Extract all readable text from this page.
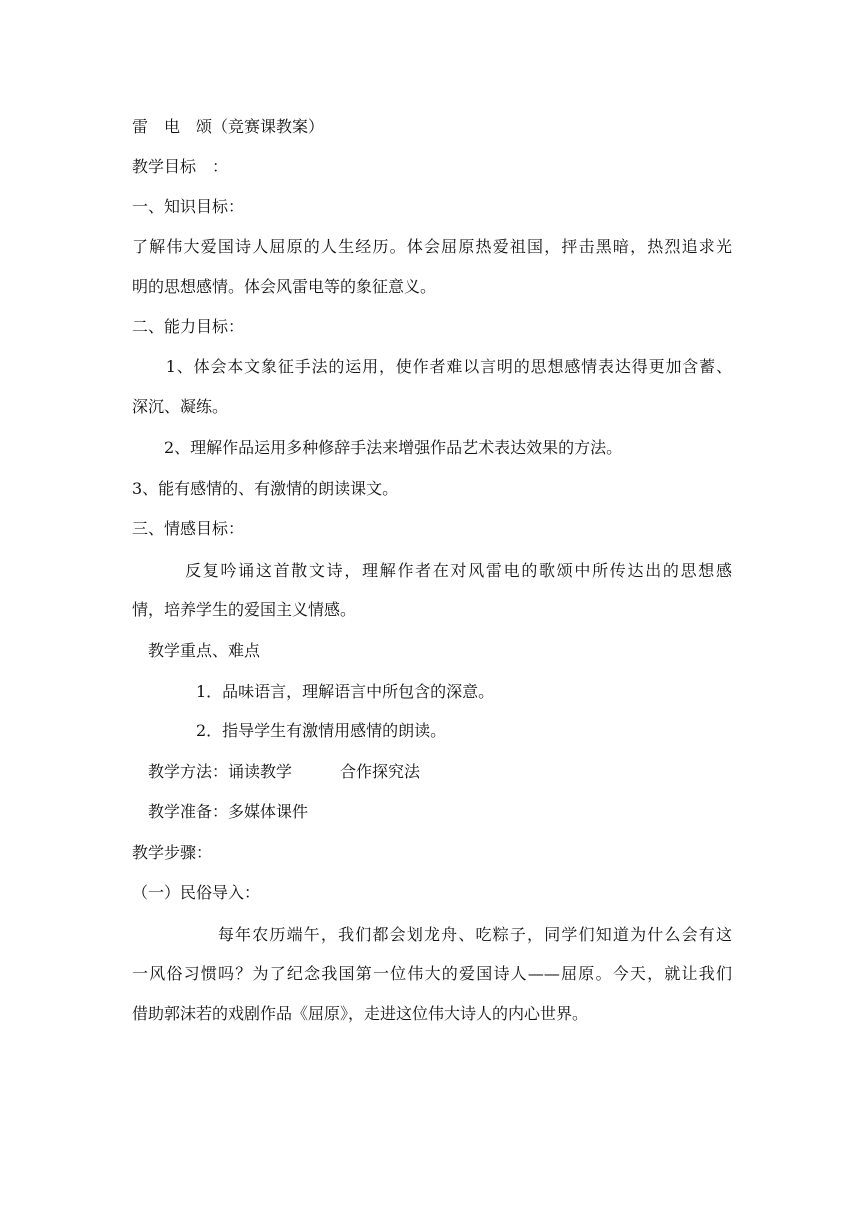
雷　电　颂（竞赛课教案）
教学目标　：
一、知识目标：
了解伟大爱国诗人屈原的人生经历。体会屈原热爱祖国，抨击黑暗，热烈追求光
明的思想感情。体会风雷电等的象征意义。
二、能力目标：
　　1、体会本文象征手法的运用，使作者难以言明的思想感情表达得更加含蓄、
深沉、凝练。
　　2、理解作品运用多种修辞手法来增强作品艺术表达效果的方法。
3、能有感情的、有激情的朗读课文。
三、情感目标：
　　　反复吟诵这首散文诗，理解作者在对风雷电的歌颂中所传达出的思想感
情，培养学生的爱国主义情感。
　教学重点、难点
　　　　1．品味语言，理解语言中所包含的深意。
　　　　2．指导学生有激情用感情的朗读。
　教学方法：诵读教学　　　合作探究法
　教学准备：多媒体课件
教学步骤：
（一）民俗导入：
　　　　　每年农历端午，我们都会划龙舟、吃粽子，同学们知道为什么会有这
一风俗习惯吗？为了纪念我国第一位伟大的爱国诗人——屈原。今天，就让我们
借助郭沫若的戏剧作品《屈原》，走进这位伟大诗人的内心世界。
